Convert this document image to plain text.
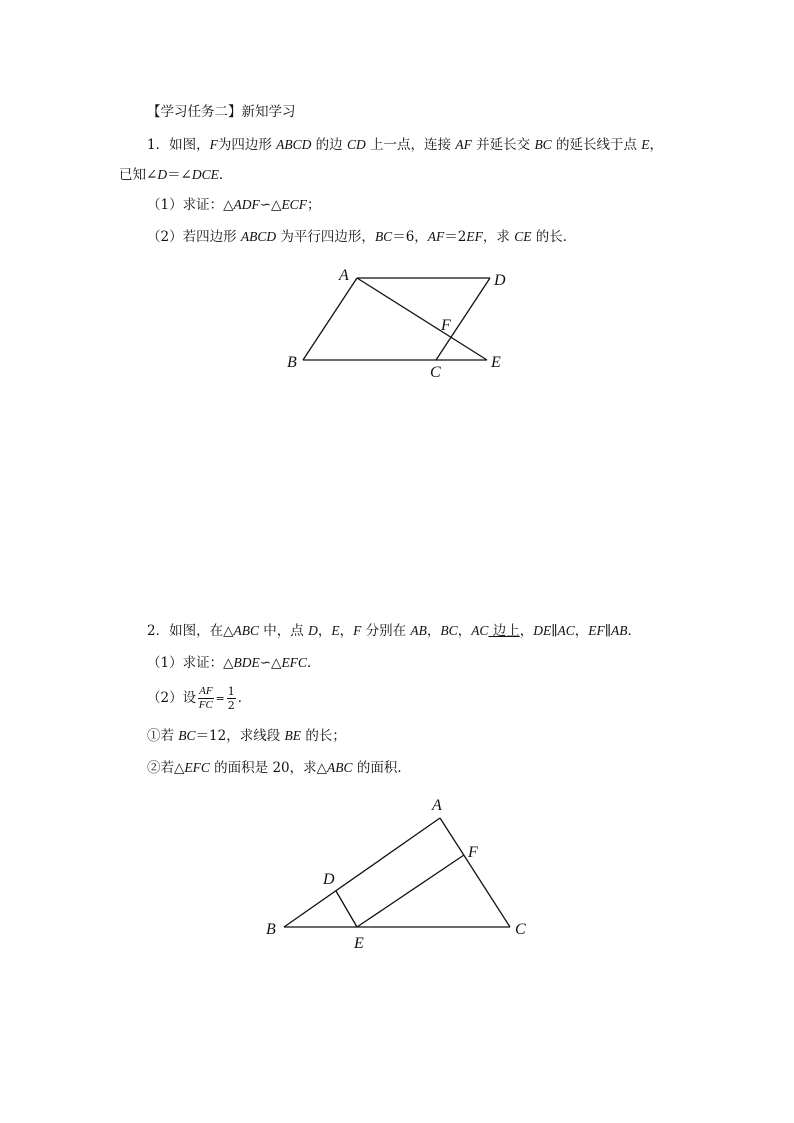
【学习任务二】新知学习
1．如图，F为四边形 ABCD 的边 CD 上一点，连接 AF 并延长交 BC 的延长线于点 E，
已知∠D＝∠DCE．
（1）求证：△ADF∽△ECF；
（2）若四边形 ABCD 为平行四边形，BC＝6，AF＝2EF，求 CE 的长．
A	D
F
B
C
E
2．如图，在△ABC 中，点 D，E，F 分别在 AB，BC，AC 边上，DE∥AC，EF∥AB．
（1）求证：△BDE∽△EFC．
（2）设 $\frac{AF}{FC} = \frac{1}{2}$ ．
①若 BC＝12，求线段 BE 的长；
②若△EFC 的面积是 20，求△ABC 的面积．
A
F
D
B
E
C
